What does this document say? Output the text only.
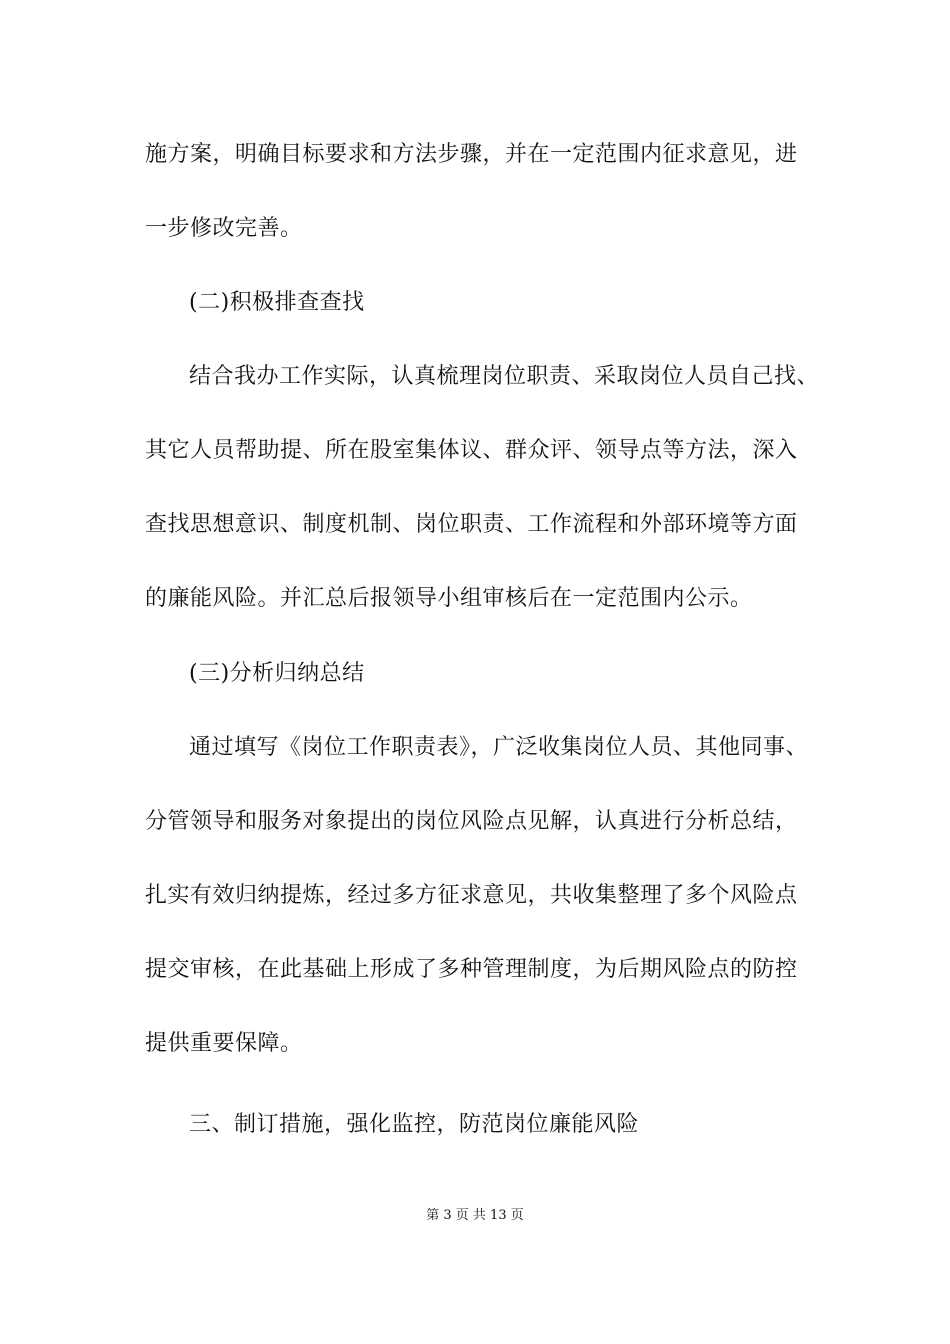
施方案，明确目标要求和方法步骤，并在一定范围内征求意见，进
一步修改完善。
(二)积极排查查找
结合我办工作实际，认真梳理岗位职责、采取岗位人员自己找、
其它人员帮助提、所在股室集体议、群众评、领导点等方法，深入
查找思想意识、制度机制、岗位职责、工作流程和外部环境等方面
的廉能风险。并汇总后报领导小组审核后在一定范围内公示。
(三)分析归纳总结
通过填写《岗位工作职责表》，广泛收集岗位人员、其他同事、
分管领导和服务对象提出的岗位风险点见解，认真进行分析总结，
扎实有效归纳提炼，经过多方征求意见，共收集整理了多个风险点
提交审核，在此基础上形成了多种管理制度，为后期风险点的防控
提供重要保障。
三、制订措施，强化监控，防范岗位廉能风险
第 3 页 共 13 页
